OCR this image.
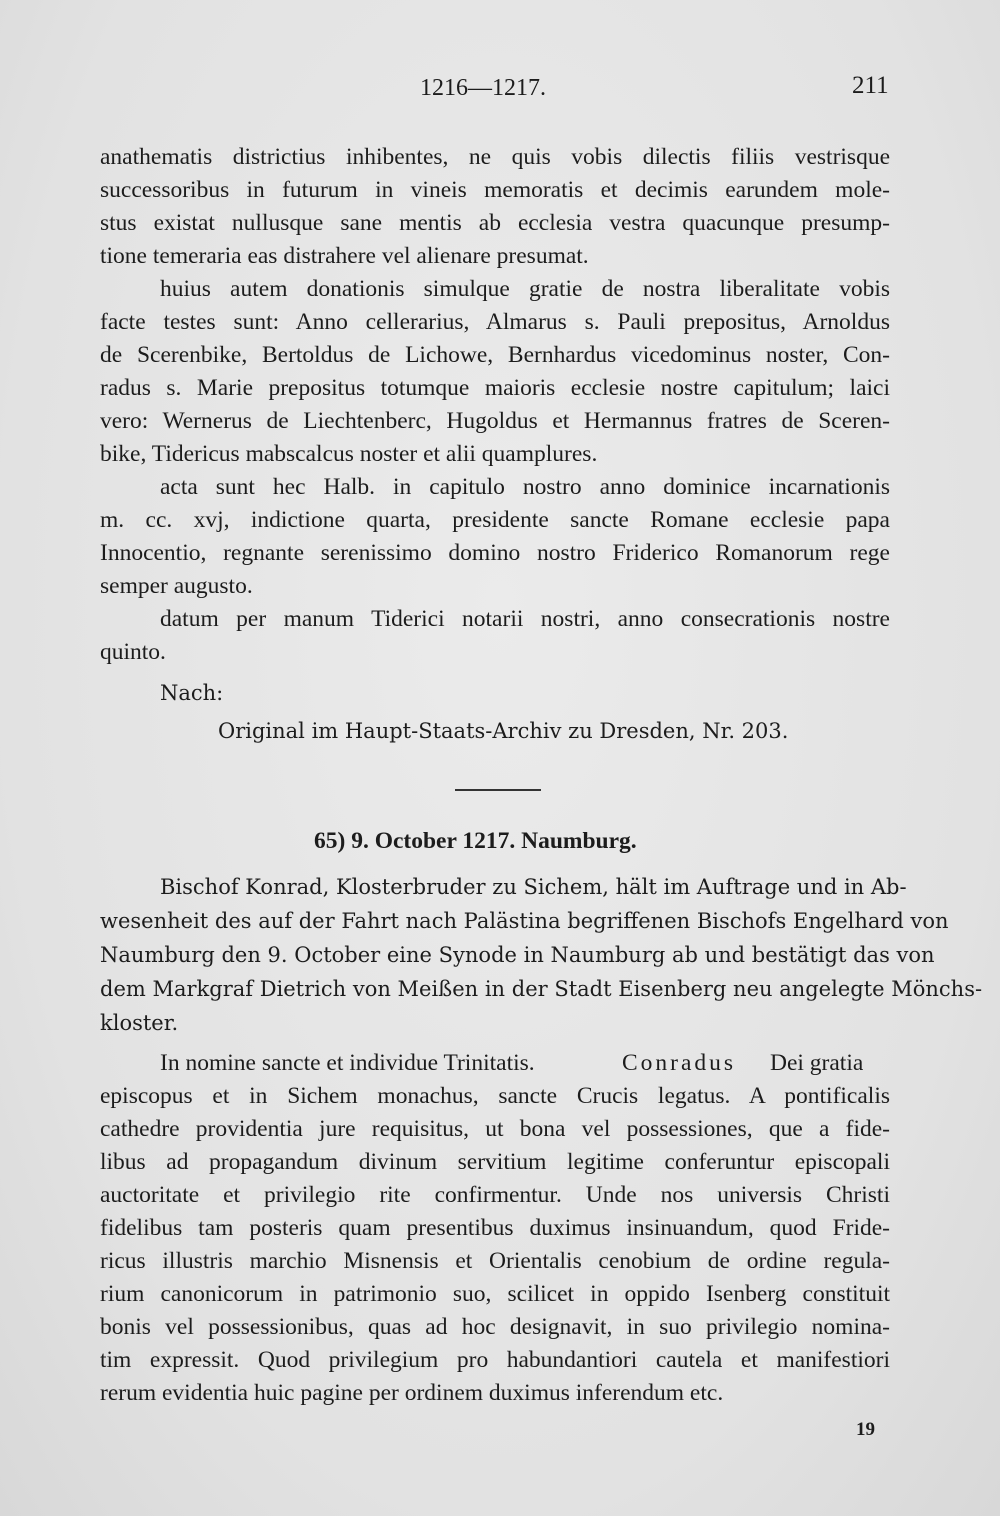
1216—1217.	211
anathematis districtius inhibentes, ne quis vobis dilectis filiis vestrisque
successoribus in futurum in vineis memoratis et decimis earundem mole-
stus existat nullusque sane mentis ab ecclesia vestra quacunque presump-
tione temeraria eas distrahere vel alienare presumat.
huius autem donationis simulque gratie de nostra liberalitate vobis
facte testes sunt: Anno cellerarius, Almarus s. Pauli prepositus, Arnoldus
de Scerenbike, Bertoldus de Lichowe, Bernhardus vicedominus noster, Con-
radus s. Marie prepositus totumque maioris ecclesie nostre capitulum; laici
vero: Wernerus de Liechtenberc, Hugoldus et Hermannus fratres de Sceren-
bike, Tidericus mabscalcus noster et alii quamplures.
acta sunt hec Halb. in capitulo nostro anno dominice incarnationis
m. cc. xvj, indictione quarta, presidente sancte Romane ecclesie papa
Innocentio, regnante serenissimo domino nostro Friderico Romanorum rege
semper augusto.
datum per manum Tiderici notarii nostri, anno consecrationis nostre
quinto.
Nach:
Original im Haupt-Staats-Archiv zu Dresden, Nr. 203.
65) 9. October 1217. Naumburg.
Bischof Konrad, Klosterbruder zu Sichem, hält im Auftrage und in Ab-
wesenheit des auf der Fahrt nach Palästina begriffenen Bischofs Engelhard von
Naumburg den 9. October eine Synode in Naumburg ab und bestätigt das von
dem Markgraf Dietrich von Meißen in der Stadt Eisenberg neu angelegte Mönchs-
kloster.
In nomine sancte et individue Trinitatis.	Conradus Dei gratia
episcopus et in Sichem monachus, sancte Crucis legatus. A pontificalis
cathedre providentia jure requisitus, ut bona vel possessiones, que a fide-
libus ad propagandum divinum servitium legitime conferuntur episcopali
auctoritate et privilegio rite confirmentur. Unde nos universis Christi
fidelibus tam posteris quam presentibus duximus insinuandum, quod Fride-
ricus illustris marchio Misnensis et Orientalis cenobium de ordine regula-
rium canonicorum in patrimonio suo, scilicet in oppido Isenberg constituit
bonis vel possessionibus, quas ad hoc designavit, in suo privilegio nomina-
tim expressit. Quod privilegium pro habundantiori cautela et manifestiori
rerum evidentia huic pagine per ordinem duximus inferendum etc.
19
